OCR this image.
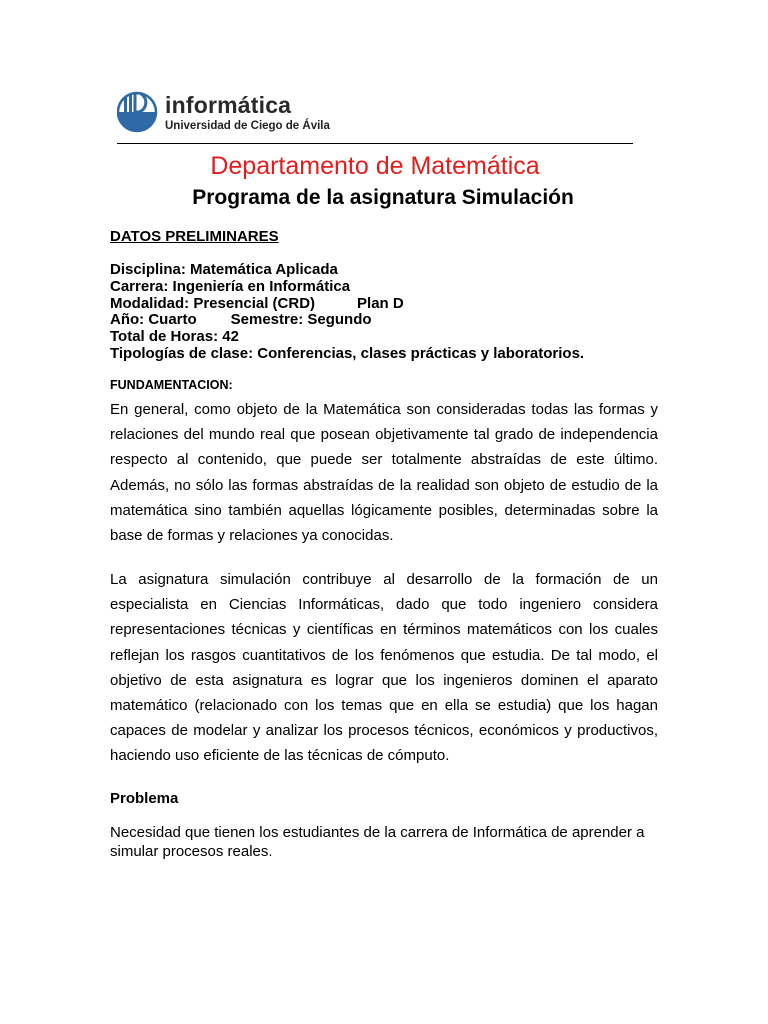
informática
Universidad de Ciego de Ávila
Departamento de Matemática
Programa de la asignatura Simulación
DATOS PRELIMINARES
Disciplina: Matemática Aplicada
Carrera: Ingeniería en Informática
Modalidad: Presencial (CRD)	Plan D
Año: Cuarto Semestre: Segundo
Total de Horas: 42
Tipologías de clase: Conferencias, clases prácticas y laboratorios.
FUNDAMENTACION:
En general, como objeto de la Matemática son consideradas todas las formas y relaciones del mundo real que posean objetivamente tal grado de independencia respecto al contenido, que puede ser totalmente abstraídas de este último. Además, no sólo las formas abstraídas de la realidad son objeto de estudio de la matemática sino también aquellas lógicamente posibles, determinadas sobre la base de formas y relaciones ya conocidas.
La asignatura simulación contribuye al desarrollo de la formación de un especialista en Ciencias Informáticas, dado que todo ingeniero considera representaciones técnicas y científicas en términos matemáticos con los cuales reflejan los rasgos cuantitativos de los fenómenos que estudia. De tal modo, el objetivo de esta asignatura es lograr que los ingenieros dominen el aparato matemático (relacionado con los temas que en ella se estudia) que los hagan capaces de modelar y analizar los procesos técnicos, económicos y productivos, haciendo uso eficiente de las técnicas de cómputo.
Problema
Necesidad que tienen los estudiantes de la carrera de Informática de aprender a simular procesos reales.
